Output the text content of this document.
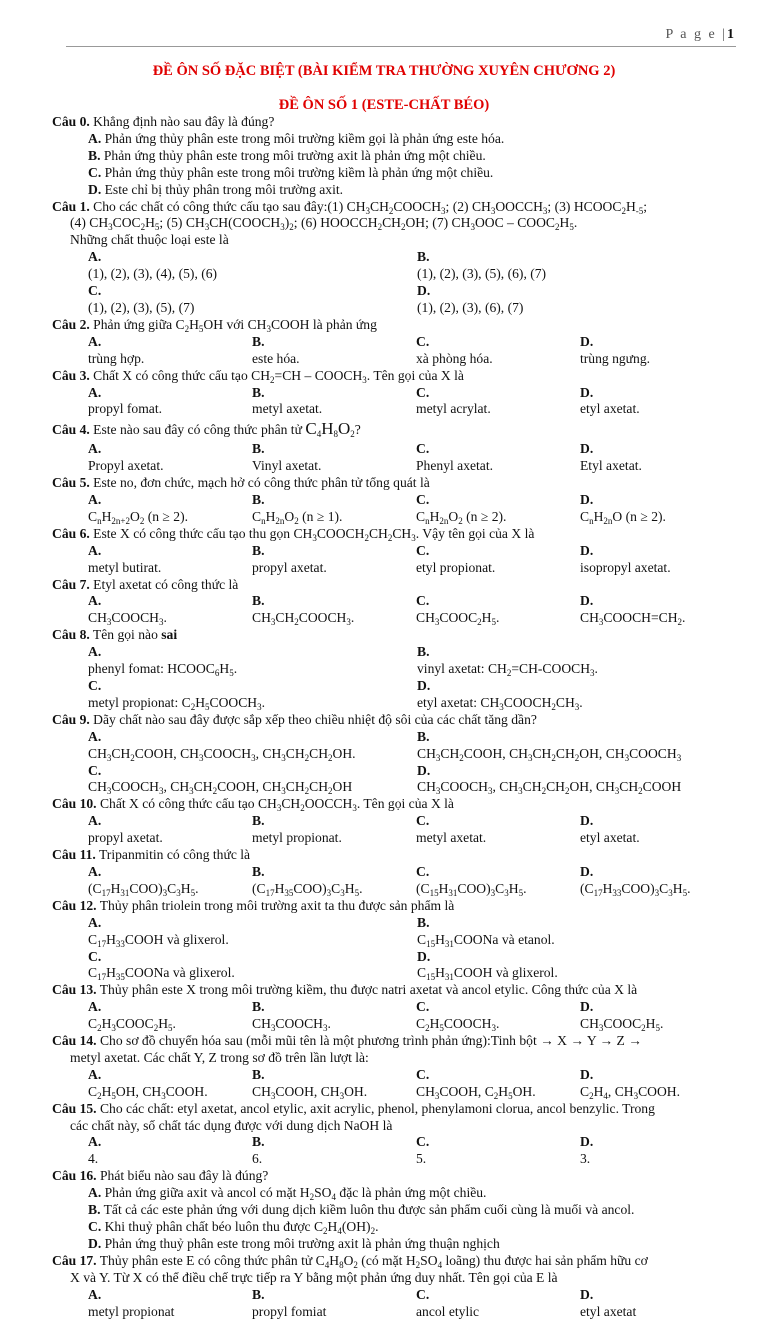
P a g e |1
ĐỀ ÔN SỐ ĐẶC BIỆT (BÀI KIỂM TRA THƯỜNG XUYÊN CHƯƠNG 2)
ĐỀ ÔN SỐ 1 (ESTE-CHẤT BÉO)
Câu 0. Khẳng định nào sau đây là đúng?
A. Phản ứng thủy phân este trong môi trường kiềm gọi là phản ứng este hóa.
B. Phản ứng thủy phân este trong môi trường axit là phản ứng một chiều.
C. Phản ứng thủy phân este trong môi trường kiềm là phản ứng một chiều.
D. Este chỉ bị thủy phân trong môi trường axit.
Câu 1. Cho các chất có công thức cấu tạo sau đây:(1) $CH_3CH_2COOCH_3$; (2) $CH_3OOCCH_3$; (3) $HCOOC_2H_{-5}$;
(4) $CH_3COC_2H_5$; (5) $CH_3CH(COOCH_3)_2$; (6) $HOOCCH_2CH_2OH$; (7) $CH_3OOC$ – $COOC_2H_5$.
Những chất thuộc loại este là
A.
(1), (2), (3), (4), (5), (6)
B.
(1), (2), (3), (5), (6), (7)
C.
(1), (2), (3), (5), (7)
D.
(1), (2), (3), (6), (7)
Câu 2. Phản ứng giữa $C_2H_5OH$ với $CH_3COOH$ là phản ứng
A.
trùng hợp.
B.
este hóa.
C.
xà phòng hóa.
D.
trùng ngưng.
Câu 3. Chất X có công thức cấu tạo $CH_2=CH$ – $COOCH_3$. Tên gọi của X là
A.
propyl fomat.
B.
metyl axetat.
C.
metyl acrylat.
D.
etyl axetat.
Câu 4. Este nào sau đây có công thức phân tử $C_4H_8O_2$?
A.
Propyl axetat.
B.
Vinyl axetat.
C.
Phenyl axetat.
D.
Etyl axetat.
Câu 5. Este no, đơn chức, mạch hở có công thức phân tử tổng quát là
A.
$C_nH_{2n+2}O_2$ (n ≥ 2).
B.
$C_nH_{2n}O_2$ (n ≥ 1).
C.
$C_nH_{2n}O_2$ (n ≥ 2).
D.
$C_nH_{2n}O$ (n ≥ 2).
Câu 6. Este X có công thức cấu tạo thu gọn $CH_3COOCH_2CH_2CH_3$. Vậy tên gọi của X là
A.
metyl butirat.
B.
propyl axetat.
C.
etyl propionat.
D.
isopropyl axetat.
Câu 7. Etyl axetat có công thức là
A.
$CH_3COOCH_3$.
B.
$CH_3CH_2COOCH_3$.
C.
$CH_3COOC_2H_5$.
D.
$CH_3COOCH=CH_2$.
Câu 8. Tên gọi nào sai
A.
phenyl fomat: $HCOOC_6H_5$.
B.
vinyl axetat: $CH_2=CH-COOCH_3$.
C.
metyl propionat: $C_2H_5COOCH_3$.
D.
etyl axetat: $CH_3COOCH_2CH_3$.
Câu 9. Dãy chất nào sau đây được sắp xếp theo chiều nhiệt độ sôi của các chất tăng dần?
A.
$CH_3CH_2COOH$, $CH_3COOCH_3$, $CH_3CH_2CH_2OH$.
B.
$CH_3CH_2COOH$, $CH_3CH_2CH_2OH$, $CH_3COOCH_3$
C.
$CH_3COOCH_3$, $CH_3CH_2COOH$, $CH_3CH_2CH_2OH$
D.
$CH_3COOCH_3$, $CH_3CH_2CH_2OH$, $CH_3CH_2COOH$
Câu 10. Chất X có công thức cấu tạo $CH_3CH_2OOCCH_3$. Tên gọi của X là
A.
propyl axetat.
B.
metyl propionat.
C.
metyl axetat.
D.
etyl axetat.
Câu 11. Tripanmitin có công thức là
A.
$(C_{17}H_{31}COO)_3C_3H_5$.
B.
$(C_{17}H_{35}COO)_3C_3H_5$.
C.
$(C_{15}H_{31}COO)_3C_3H_5$.
D.
$(C_{17}H_{33}COO)_3C_3H_5$.
Câu 12. Thủy phân triolein trong môi trường axit ta thu được sản phẩm là
A.
$C_{17}H_{33}COOH$ và glixerol.
B.
$C_{15}H_{31}COONa$ và etanol.
C.
$C_{17}H_{35}COONa$ và glixerol.
D.
$C_{15}H_{31}COOH$ và glixerol.
Câu 13. Thủy phân este X trong môi trường kiềm, thu được natri axetat và ancol etylic. Công thức của X là
A.
$C_2H_3COOC_2H_5$.
B.
$CH_3COOCH_3$.
C.
$C_2H_5COOCH_3$.
D.
$CH_3COOC_2H_5$.
Câu 14. Cho sơ đồ chuyển hóa sau (mỗi mũi tên là một phương trình phản ứng):Tinh bột → X → Y → Z →
metyl axetat. Các chất Y, Z trong sơ đồ trên lần lượt là:
A.
$C_2H_5OH$, $CH_3COOH$.
B.
$CH_3COOH$, $CH_3OH$.
C.
$CH_3COOH$, $C_2H_5OH$.
D.
$C_2H_4$, $CH_3COOH$.
Câu 15. Cho các chất: etyl axetat, ancol etylic, axit acrylic, phenol, phenylamoni clorua, ancol benzylic. Trong
các chất này, số chất tác dụng được với dung dịch NaOH là
A.
4.
B.
6.
C.
5.
D.
3.
Câu 16. Phát biểu nào sau đây là đúng?
A. Phản ứng giữa axit và ancol có mặt $H_2SO_4$ đặc là phản ứng một chiều.
B. Tất cả các este phản ứng với dung dịch kiềm luôn thu được sản phẩm cuối cùng là muối và ancol.
C. Khi thuỷ phân chất béo luôn thu được $C_2H_4(OH)_2$.
D. Phản ứng thuỷ phân este trong môi trường axit là phản ứng thuận nghịch
Câu 17. Thủy phân este E có công thức phân tử $C_4H_8O_2$ (có mặt $H_2SO_4$ loãng) thu được hai sản phẩm hữu cơ
X và Y. Từ X có thể điều chế trực tiếp ra Y bằng một phản ứng duy nhất. Tên gọi của E là
A.
metyl propionat
B.
propyl fomiat
C.
ancol etylic
D.
etyl axetat
